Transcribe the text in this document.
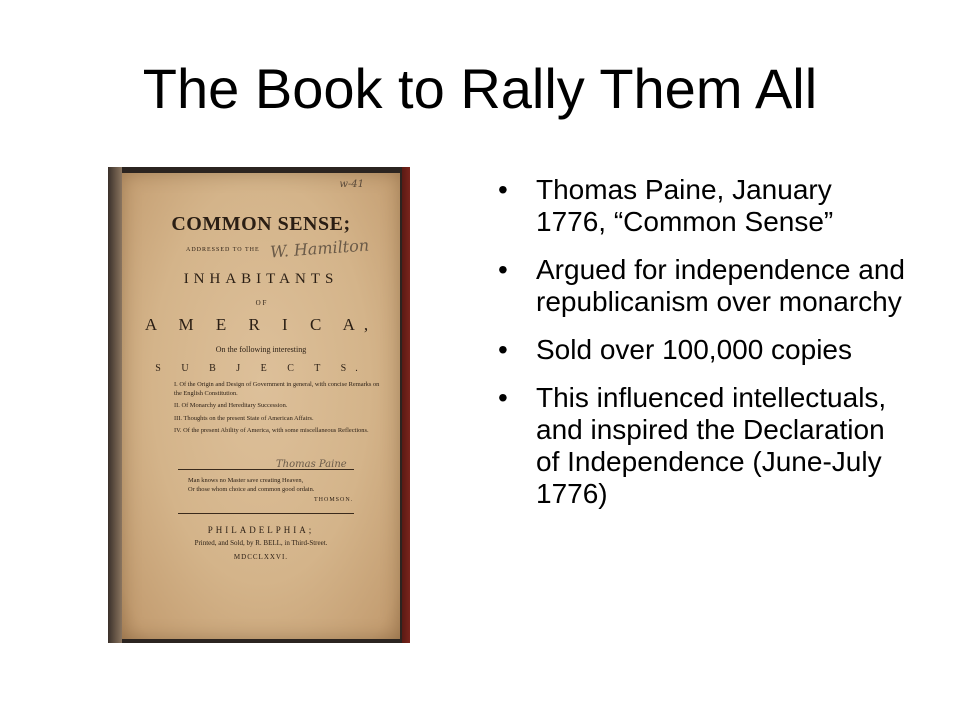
The Book to Rally Them All
w-41
COMMON SENSE;
ADDRESSED TO THE W. Hamilton
INHABITANTS
O F
A M E R I C A,
On the following interesting
S U B J E C T S.
I. Of the Origin and Design of Government in general, with concise Remarks on the English Constitution.
II. Of Monarchy and Hereditary Succession.
III. Thoughts on the present State of American Affairs.
IV. Of the present Ability of America, with some miscellaneous Reflections.
Thomas Paine
Man knows no Master save creating Heaven,
Or those whom choice and common good ordain.
THOMSON.
PHILADELPHIA;
Printed, and Sold, by R. BELL, in Third-Street.
MDCCLXXVI.
•	Thomas Paine, January 1776, “Common Sense”
•	Argued for independence and republicanism over monarchy
•	Sold over 100,000 copies
•	This influenced intellectuals, and inspired the Declaration of Independence (June-July 1776)
